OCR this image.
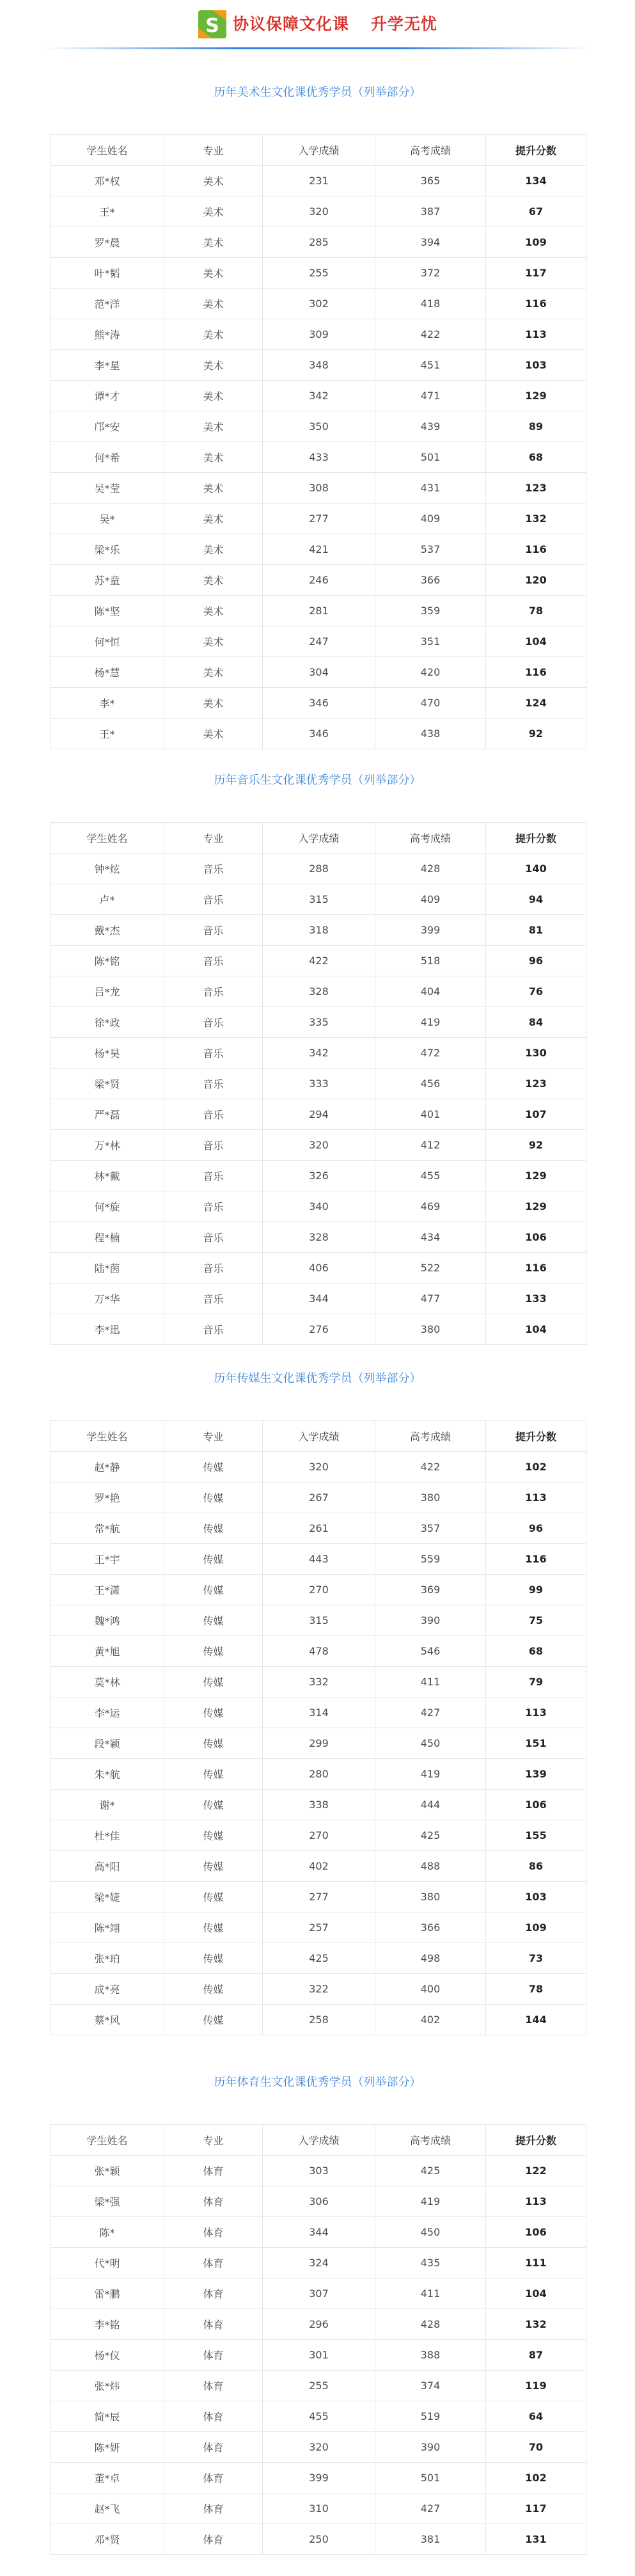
S 协议保障文化课 升学无忧
历年美术生文化课优秀学员（列举部分）
学生姓名	专业	入学成绩	高考成绩	提升分数
邓*权	美术	231	365	134
王*	美术	320	387	67
罗*晨	美术	285	394	109
叶*韬	美术	255	372	117
范*洋	美术	302	418	116
熊*涛	美术	309	422	113
李*星	美术	348	451	103
谭*才	美术	342	471	129
邝*安	美术	350	439	89
何*希	美术	433	501	68
吴*莹	美术	308	431	123
吴*	美术	277	409	132
梁*乐	美术	421	537	116
苏*童	美术	246	366	120
陈*坚	美术	281	359	78
何*恒	美术	247	351	104
杨*慧	美术	304	420	116
李*	美术	346	470	124
王*	美术	346	438	92
历年音乐生文化课优秀学员（列举部分）
学生姓名	专业	入学成绩	高考成绩	提升分数
钟*炫	音乐	288	428	140
卢*	音乐	315	409	94
戴*杰	音乐	318	399	81
陈*铭	音乐	422	518	96
吕*龙	音乐	328	404	76
徐*政	音乐	335	419	84
杨*昊	音乐	342	472	130
梁*贤	音乐	333	456	123
严*磊	音乐	294	401	107
万*林	音乐	320	412	92
林*戴	音乐	326	455	129
何*旋	音乐	340	469	129
程*楠	音乐	328	434	106
陆*茵	音乐	406	522	116
万*华	音乐	344	477	133
李*迅	音乐	276	380	104
历年传媒生文化课优秀学员（列举部分）
学生姓名	专业	入学成绩	高考成绩	提升分数
赵*静	传媒	320	422	102
罗*艳	传媒	267	380	113
常*航	传媒	261	357	96
王*宇	传媒	443	559	116
王*潇	传媒	270	369	99
魏*鸿	传媒	315	390	75
黄*旭	传媒	478	546	68
莫*林	传媒	332	411	79
李*运	传媒	314	427	113
段*颖	传媒	299	450	151
朱*航	传媒	280	419	139
谢*	传媒	338	444	106
杜*佳	传媒	270	425	155
高*阳	传媒	402	488	86
梁*婕	传媒	277	380	103
陈*翊	传媒	257	366	109
张*珀	传媒	425	498	73
成*亮	传媒	322	400	78
蔡*风	传媒	258	402	144
历年体育生文化课优秀学员（列举部分）
学生姓名	专业	入学成绩	高考成绩	提升分数
张*颖	体育	303	425	122
梁*强	体育	306	419	113
陈*	体育	344	450	106
代*明	体育	324	435	111
雷*鹏	体育	307	411	104
李*铭	体育	296	428	132
杨*仪	体育	301	388	87
张*炜	体育	255	374	119
简*辰	体育	455	519	64
陈*妍	体育	320	390	70
董*卓	体育	399	501	102
赵*飞	体育	310	427	117
邓*贤	体育	250	381	131
